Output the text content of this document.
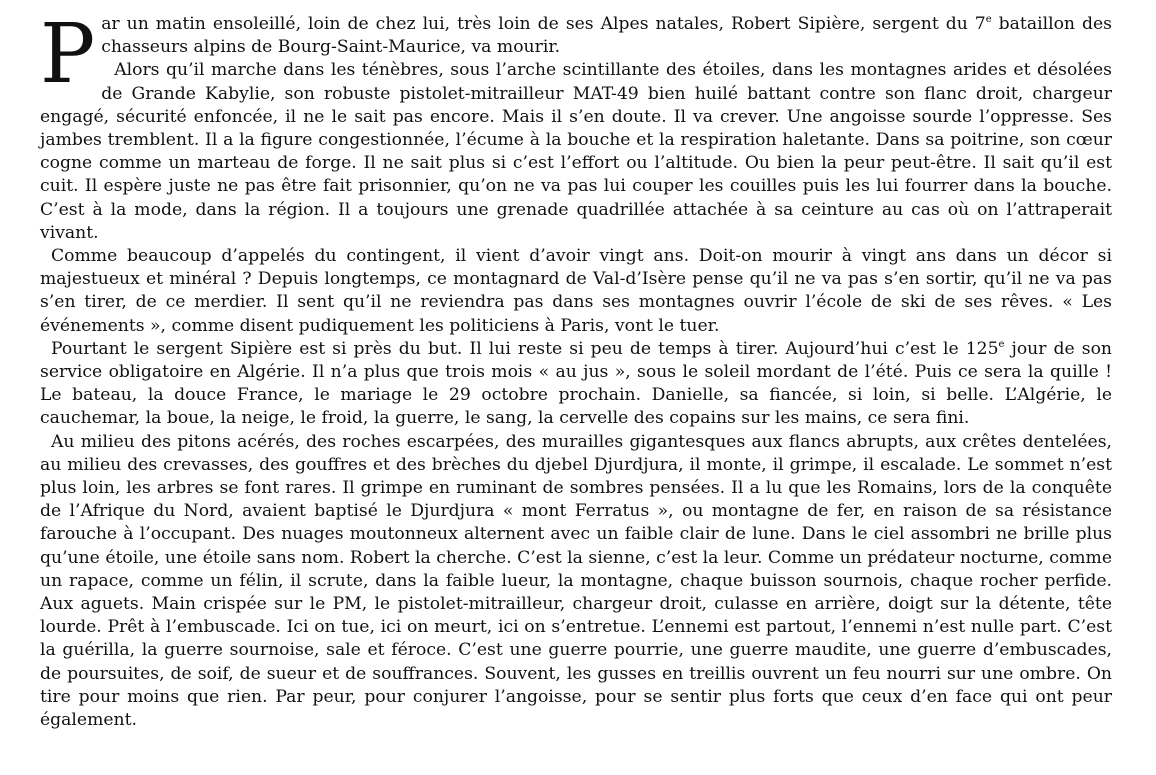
Par un matin ensoleillé, loin de chez lui, très loin de ses Alpes natales, Robert Sipière, sergent du 7e bataillon des chasseurs alpins de Bourg-Saint-Maurice, va mourir.
Alors qu’il marche dans les ténèbres, sous l’arche scintillante des étoiles, dans les montagnes arides et désolées de Grande Kabylie, son robuste pistolet-mitrailleur MAT-49 bien huilé battant contre son flanc droit, chargeur engagé, sécurité enfoncée, il ne le sait pas encore. Mais il s’en doute. Il va crever. Une angoisse sourde l’oppresse. Ses jambes tremblent. Il a la figure congestionnée, l’écume à la bouche et la respiration haletante. Dans sa poitrine, son cœur cogne comme un marteau de forge. Il ne sait plus si c’est l’effort ou l’altitude. Ou bien la peur peut-être. Il sait qu’il est cuit. Il espère juste ne pas être fait prisonnier, qu’on ne va pas lui couper les couilles puis les lui fourrer dans la bouche. C’est à la mode, dans la région. Il a toujours une grenade quadrillée attachée à sa ceinture au cas où on l’attraperait vivant.

Comme beaucoup d’appelés du contingent, il vient d’avoir vingt ans. Doit-on mourir à vingt ans dans un décor si majestueux et minéral ? Depuis longtemps, ce montagnard de Val-d’Isère pense qu’il ne va pas s’en sortir, qu’il ne va pas s’en tirer, de ce merdier. Il sent qu’il ne reviendra pas dans ses montagnes ouvrir l’école de ski de ses rêves. « Les événements », comme disent pudiquement les politiciens à Paris, vont le tuer.

Pourtant le sergent Sipière est si près du but. Il lui reste si peu de temps à tirer. Aujourd’hui c’est le 125e jour de son service obligatoire en Algérie. Il n’a plus que trois mois « au jus », sous le soleil mordant de l’été. Puis ce sera la quille ! Le bateau, la douce France, le mariage le 29 octobre prochain. Danielle, sa fiancée, si loin, si belle. L’Algérie, le cauchemar, la boue, la neige, le froid, la guerre, le sang, la cervelle des copains sur les mains, ce sera fini.

Au milieu des pitons acérés, des roches escarpées, des murailles gigantesques aux flancs abrupts, aux crêtes dentelées, au milieu des crevasses, des gouffres et des brèches du djebel Djurdjura, il monte, il grimpe, il escalade. Le sommet n’est plus loin, les arbres se font rares. Il grimpe en ruminant de sombres pensées. Il a lu que les Romains, lors de la conquête de l’Afrique du Nord, avaient baptisé le Djurdjura « mont Ferratus », ou montagne de fer, en raison de sa résistance farouche à l’occupant. Des nuages moutonneux alternent avec un faible clair de lune. Dans le ciel assombri ne brille plus qu’une étoile, une étoile sans nom. Robert la cherche. C’est la sienne, c’est la leur. Comme un prédateur nocturne, comme un rapace, comme un félin, il scrute, dans la faible lueur, la montagne, chaque buisson sournois, chaque rocher perfide. Aux aguets. Main crispée sur le PM, le pistolet-mitrailleur, chargeur droit, culasse en arrière, doigt sur la détente, tête lourde. Prêt à l’embuscade. Ici on tue, ici on meurt, ici on s’entretue. L’ennemi est partout, l’ennemi n’est nulle part. C’est la guérilla, la guerre sournoise, sale et féroce. C’est une guerre pourrie, une guerre maudite, une guerre d’embuscades, de poursuites, de soif, de sueur et de souffrances. Souvent, les gusses en treillis ouvrent un feu nourri sur une ombre. On tire pour moins que rien. Par peur, pour conjurer l’angoisse, pour se sentir plus forts que ceux d’en face qui ont peur également.
